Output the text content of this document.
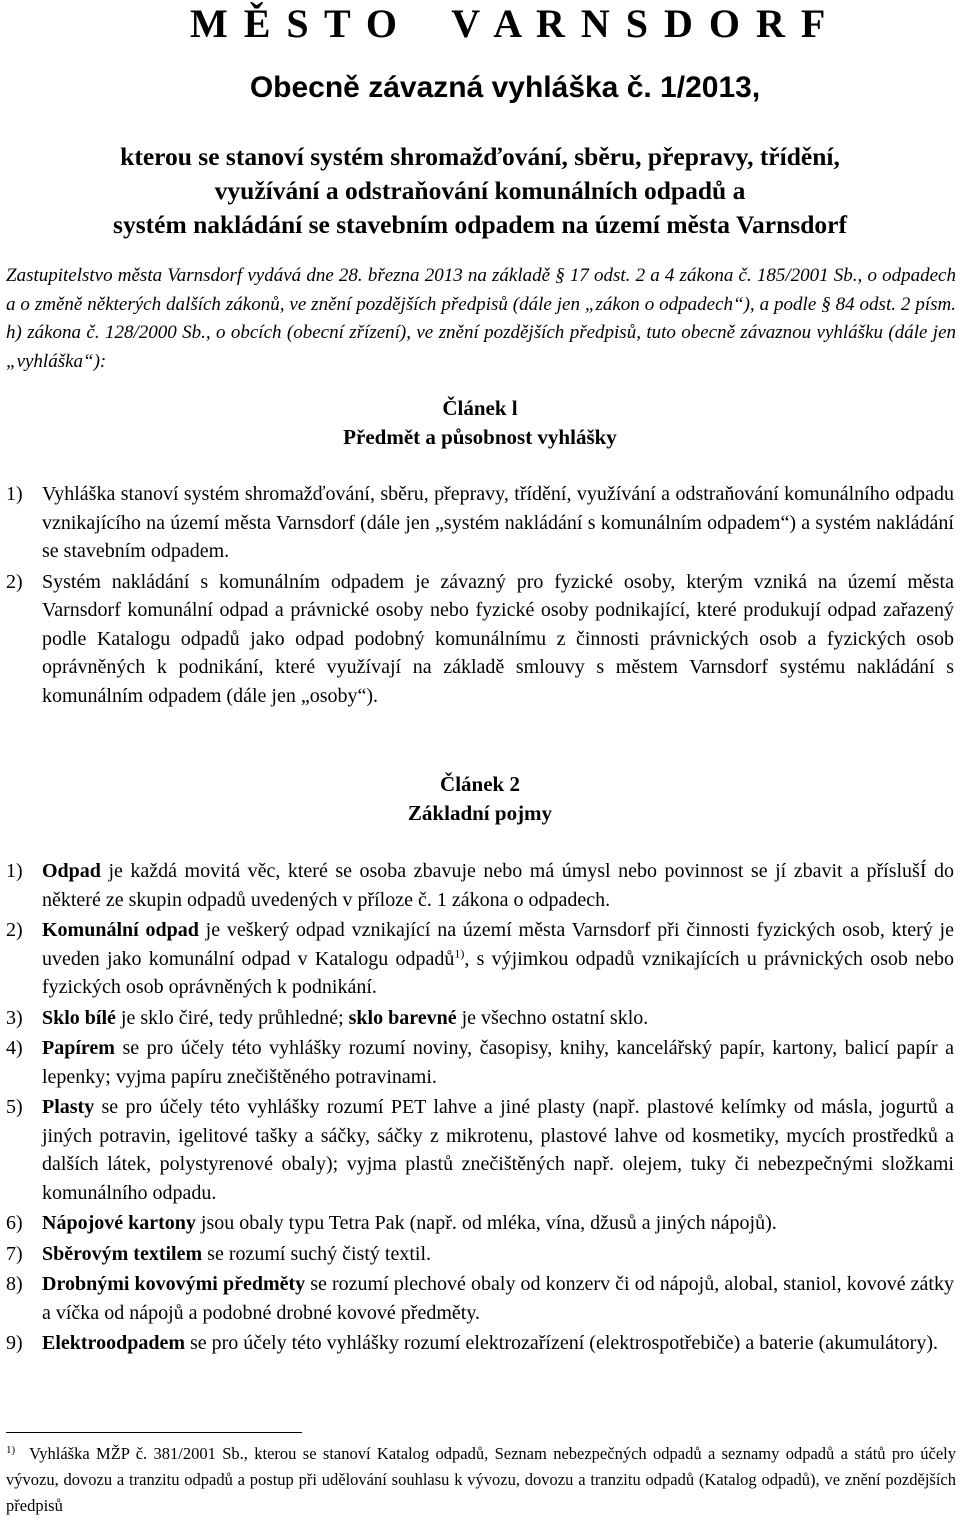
M Ě S T O    V A R N S D O R F
Obecně závazná vyhláška č. 1/2013,
kterou se stanoví systém shromažďování, sběru, přepravy, třídění,
využívání a odstraňování komunálních odpadů a
systém nakládání se stavebním odpadem na území města Varnsdorf
Zastupitelstvo města Varnsdorf vydává dne 28. března 2013 na základě § 17 odst. 2 a 4 zákona č. 185/2001 Sb., o odpadech a o změně některých dalších zákonů, ve znění pozdějších předpisů (dále jen „zákon o odpadech“), a podle § 84 odst. 2 písm. h) zákona č. 128/2000 Sb., o obcích (obecní zřízení), ve znění pozdějších předpisů, tuto obecně závaznou vyhlášku (dále jen „vyhláška“):
Článek l
Předmět a působnost vyhlášky
1) Vyhláška stanoví systém shromažďování, sběru, přepravy, třídění, využívání a odstraňování komunálního odpadu vznikajícího na území města Varnsdorf (dále jen „systém nakládání s komunálním odpadem“) a systém nakládání se stavebním odpadem.
2) Systém nakládání s komunálním odpadem je závazný pro fyzické osoby, kterým vzniká na území města Varnsdorf komunální odpad a právnické osoby nebo fyzické osoby podnikající, které produkují odpad zařazený podle Katalogu odpadů jako odpad podobný komunálnímu z činnosti právnických osob a fyzických osob oprávněných k podnikání, které využívají na základě smlouvy s městem Varnsdorf systému nakládání s komunálním odpadem (dále jen „osoby“).
Článek 2
Základní pojmy
1) Odpad je každá movitá věc, které se osoba zbavuje nebo má úmysl nebo povinnost se jí zbavit a příslušÍ do některé ze skupin odpadů uvedených v příloze č. 1 zákona o odpadech.
2) Komunální odpad je veškerý odpad vznikající na území města Varnsdorf při činnosti fyzických osob, který je uveden jako komunální odpad v Katalogu odpadů$^{1)}$, s výjimkou odpadů vznikajících u právnických osob nebo fyzických osob oprávněných k podnikání.
3) Sklo bílé je sklo čiré, tedy průhledné; sklo barevné je všechno ostatní sklo.
4) Papírem se pro účely této vyhlášky rozumí noviny, časopisy, knihy, kancelářský papír, kartony, balicí papír a lepenky; vyjma papíru znečištěného potravinami.
5) Plasty se pro účely této vyhlášky rozumí PET lahve a jiné plasty (např. plastové kelímky od másla, jogurtů a jiných potravin, igelitové tašky a sáčky, sáčky z mikrotenu, plastové lahve od kosmetiky, mycích prostředků a dalších látek, polystyrenové obaly); vyjma plastů znečištěných např. olejem, tuky či nebezpečnými složkami komunálního odpadu.
6) Nápojové kartony jsou obaly typu Tetra Pak (např. od mléka, vína, džusů a jiných nápojů).
7) Sběrovým textilem se rozumí suchý čistý textil.
8) Drobnými kovovými předměty se rozumí plechové obaly od konzerv či od nápojů, alobal, staniol, kovové zátky a víčka od nápojů a podobné drobné kovové předměty.
9) Elektroodpadem se pro účely této vyhlášky rozumí elektrozařízení (elektrospotřebiče) a baterie (akumulátory).
$^{1)}$ Vyhláška MŽP č. 381/2001 Sb., kterou se stanoví Katalog odpadů, Seznam nebezpečných odpadů a seznamy odpadů a států pro účely vývozu, dovozu a tranzitu odpadů a postup při udělování souhlasu k vývozu, dovozu a tranzitu odpadů (Katalog odpadů), ve znění pozdějších předpisů
